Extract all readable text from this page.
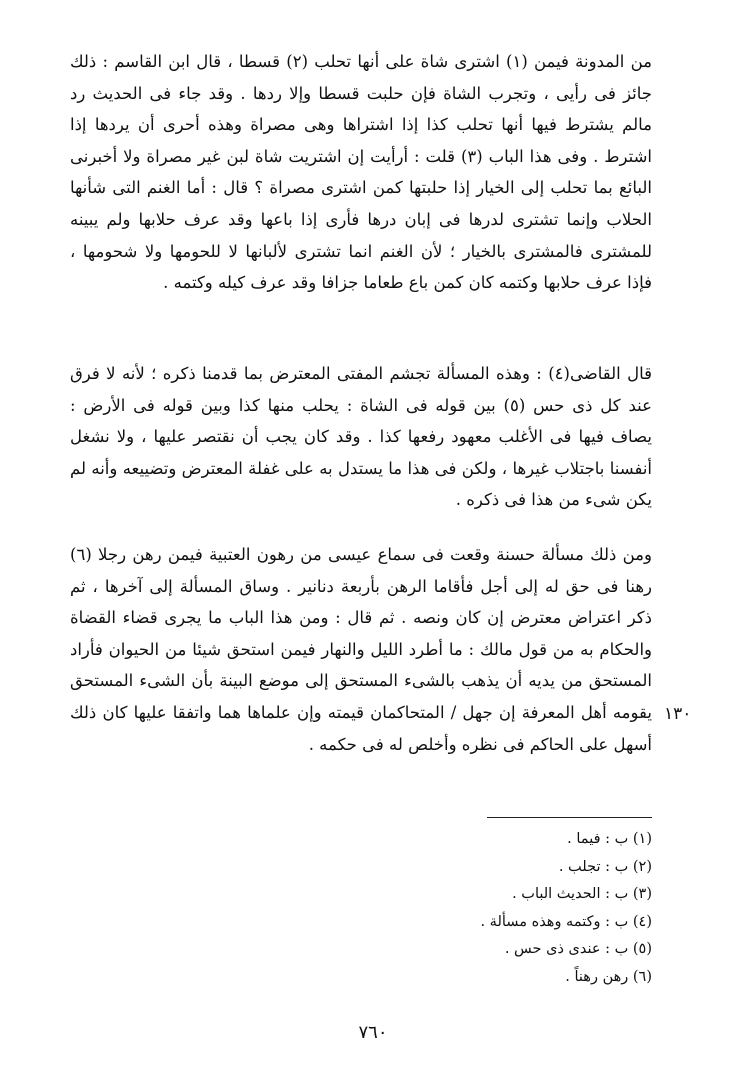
من المدونة فيمن (١) اشترى شاة على أنها تحلب (٢) قسطا ، قال ابن القاسم : ذلك جائز فى رأيى ، وتجرب الشاة فإن حلبت قسطا وإلا ردها . وقد جاء فى الحديث رد مالم يشترط فيها أنها تحلب كذا إذا اشتراها وهى مصراة وهذه أحرى أن يردها إذا اشترط . وفى هذا الباب (٣) قلت : أرأيت إن اشتريت شاة لبن غير مصراة ولا أخبرنى البائع بما تحلب إلى الخيار إذا حلبتها كمن اشترى مصراة ؟ قال : أما الغنم التى شأنها الحلاب وإنما تشترى لدرها فى إبان درها فأرى إذا باعها وقد عرف حلابها ولم يبينه للمشترى فالمشترى بالخيار ؛ لأن الغنم انما تشترى لألبانها لا للحومها ولا شحومها ، فإذا عرف حلابها وكتمه كان كمن باع طعاما جزافا وقد عرف كيله وكتمه .

قال القاضى(٤) : وهذه المسألة تجشم المفتى المعترض بما قدمنا ذكره ؛ لأنه لا فرق عند كل ذى حس (٥) بين قوله فى الشاة : يحلب منها كذا وبين قوله فى الأرض : يصاف فيها فى الأغلب معهود رفعها كذا . وقد كان يجب أن نقتصر عليها ، ولا نشغل أنفسنا باجتلاب غيرها ، ولكن فى هذا ما يستدل به على غفلة المعترض وتضييعه وأنه لم يكن شىء من هذا فى ذكره .

ومن ذلك مسألة حسنة وقعت فى سماع عيسى من رهون العتبية فيمن رهن رجلا (٦) رهنا فى حق له إلى أجل فأقاما الرهن بأربعة دنانير . وساق المسألة إلى آخرها ، ثم ذكر اعتراض معترض إن كان ونصه . ثم قال : ومن هذا الباب ما يجرى قضاء القضاة والحكام به من قول مالك : ما أطرد الليل والنهار فيمن استحق شيئا من الحيوان فأراد المستحق من يديه أن يذهب بالشىء المستحق إلى موضع البينة بأن الشىء المستحق يقومه أهل المعرفة إن جهل / المتحاكمان قيمته وإن علماها هما واتفقا عليها كان ذلك أسهل على الحاكم فى نظره وأخلص له فى حكمه .

١٣٠
(١) ب : فيما .
(٢) ب : تجلب .
(٣) ب : الحديث الباب .
(٤) ب : وكتمه وهذه مسألة .
(٥) ب : عندى ذى حس .
(٦) رهن رهناً .
٧٦٠
